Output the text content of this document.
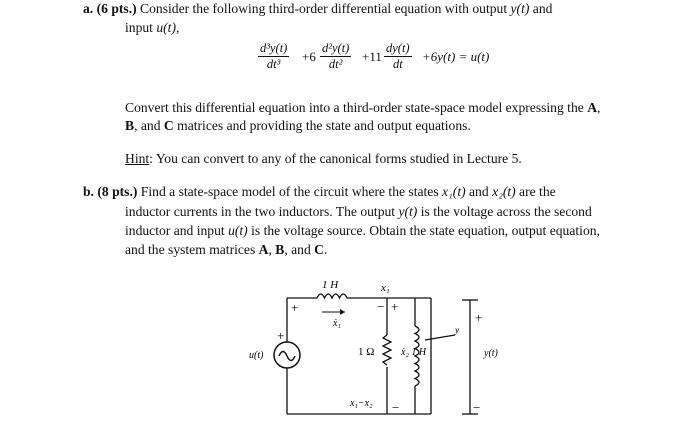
a. (6 pts.) Consider the following third-order differential equation with output y(t) and
input u(t),
$\frac{\text{d³y(t)}}{\text{dt³}} +6 \frac{\text{d²y(t)}}{\text{dt²}} +11 \frac{dy(t)}{dt} +6y(t) = u(t)$
Convert this differential equation into a third-order state-space model expressing the A,
B, and C matrices and providing the state and output equations.
Hint: You can convert to any of the canonical forms studied in Lecture 5.
b. (8 pts.) Find a state-space model of the circuit where the states x₁(t) and x₂(t) are the
inductor currents in the two inductors. The output y(t) is the voltage across the second
inductor and input u(t) is the voltage source. Obtain the state equation, output equation,
and the system matrices A, B, and C.
+	− +
−
+
+
−
1 H	x₁
ẋ₁
u(t)	1 Ω	ẋ₂ 1 H
x₁−x₂
y
y(t)
